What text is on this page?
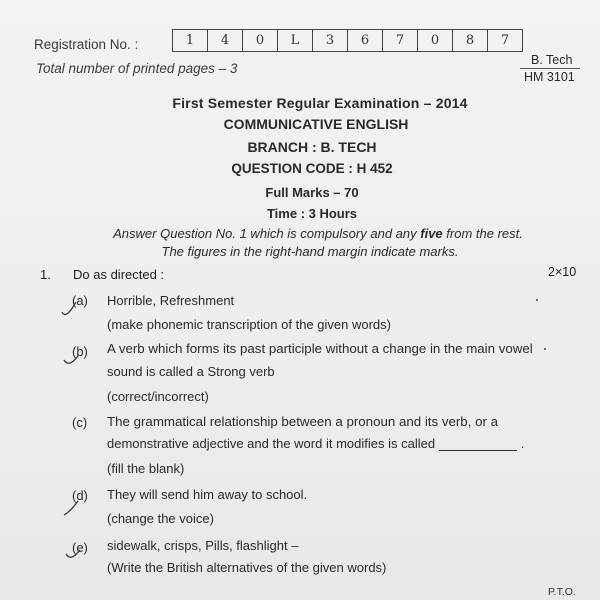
Registration No. :	1	4	0	L	3	6	7	0	8	7
Total number of printed pages – 3
B. Tech
HM 3101
First Semester Regular Examination – 2014
COMMUNICATIVE ENGLISH
BRANCH : B. TECH
QUESTION CODE : H 452
Full Marks – 70
Time : 3 Hours
Answer Question No. 1 which is compulsory and any five from the rest.
The figures in the right-hand margin indicate marks.
1. Do as directed :	2×10
(a) Horrible, Refreshment
(make phonemic transcription of the given words)
(b) A verb which forms its past participle without a change in the main vowel
sound is called a Strong verb
(correct/incorrect)
(c) The grammatical relationship between a pronoun and its verb, or a
demonstrative adjective and the word it modifies is called	.
(fill the blank)
(d) They will send him away to school.
(change the voice)
(e) sidewalk, crisps, Pills, flashlight –
(Write the British alternatives of the given words)
P.T.O.
